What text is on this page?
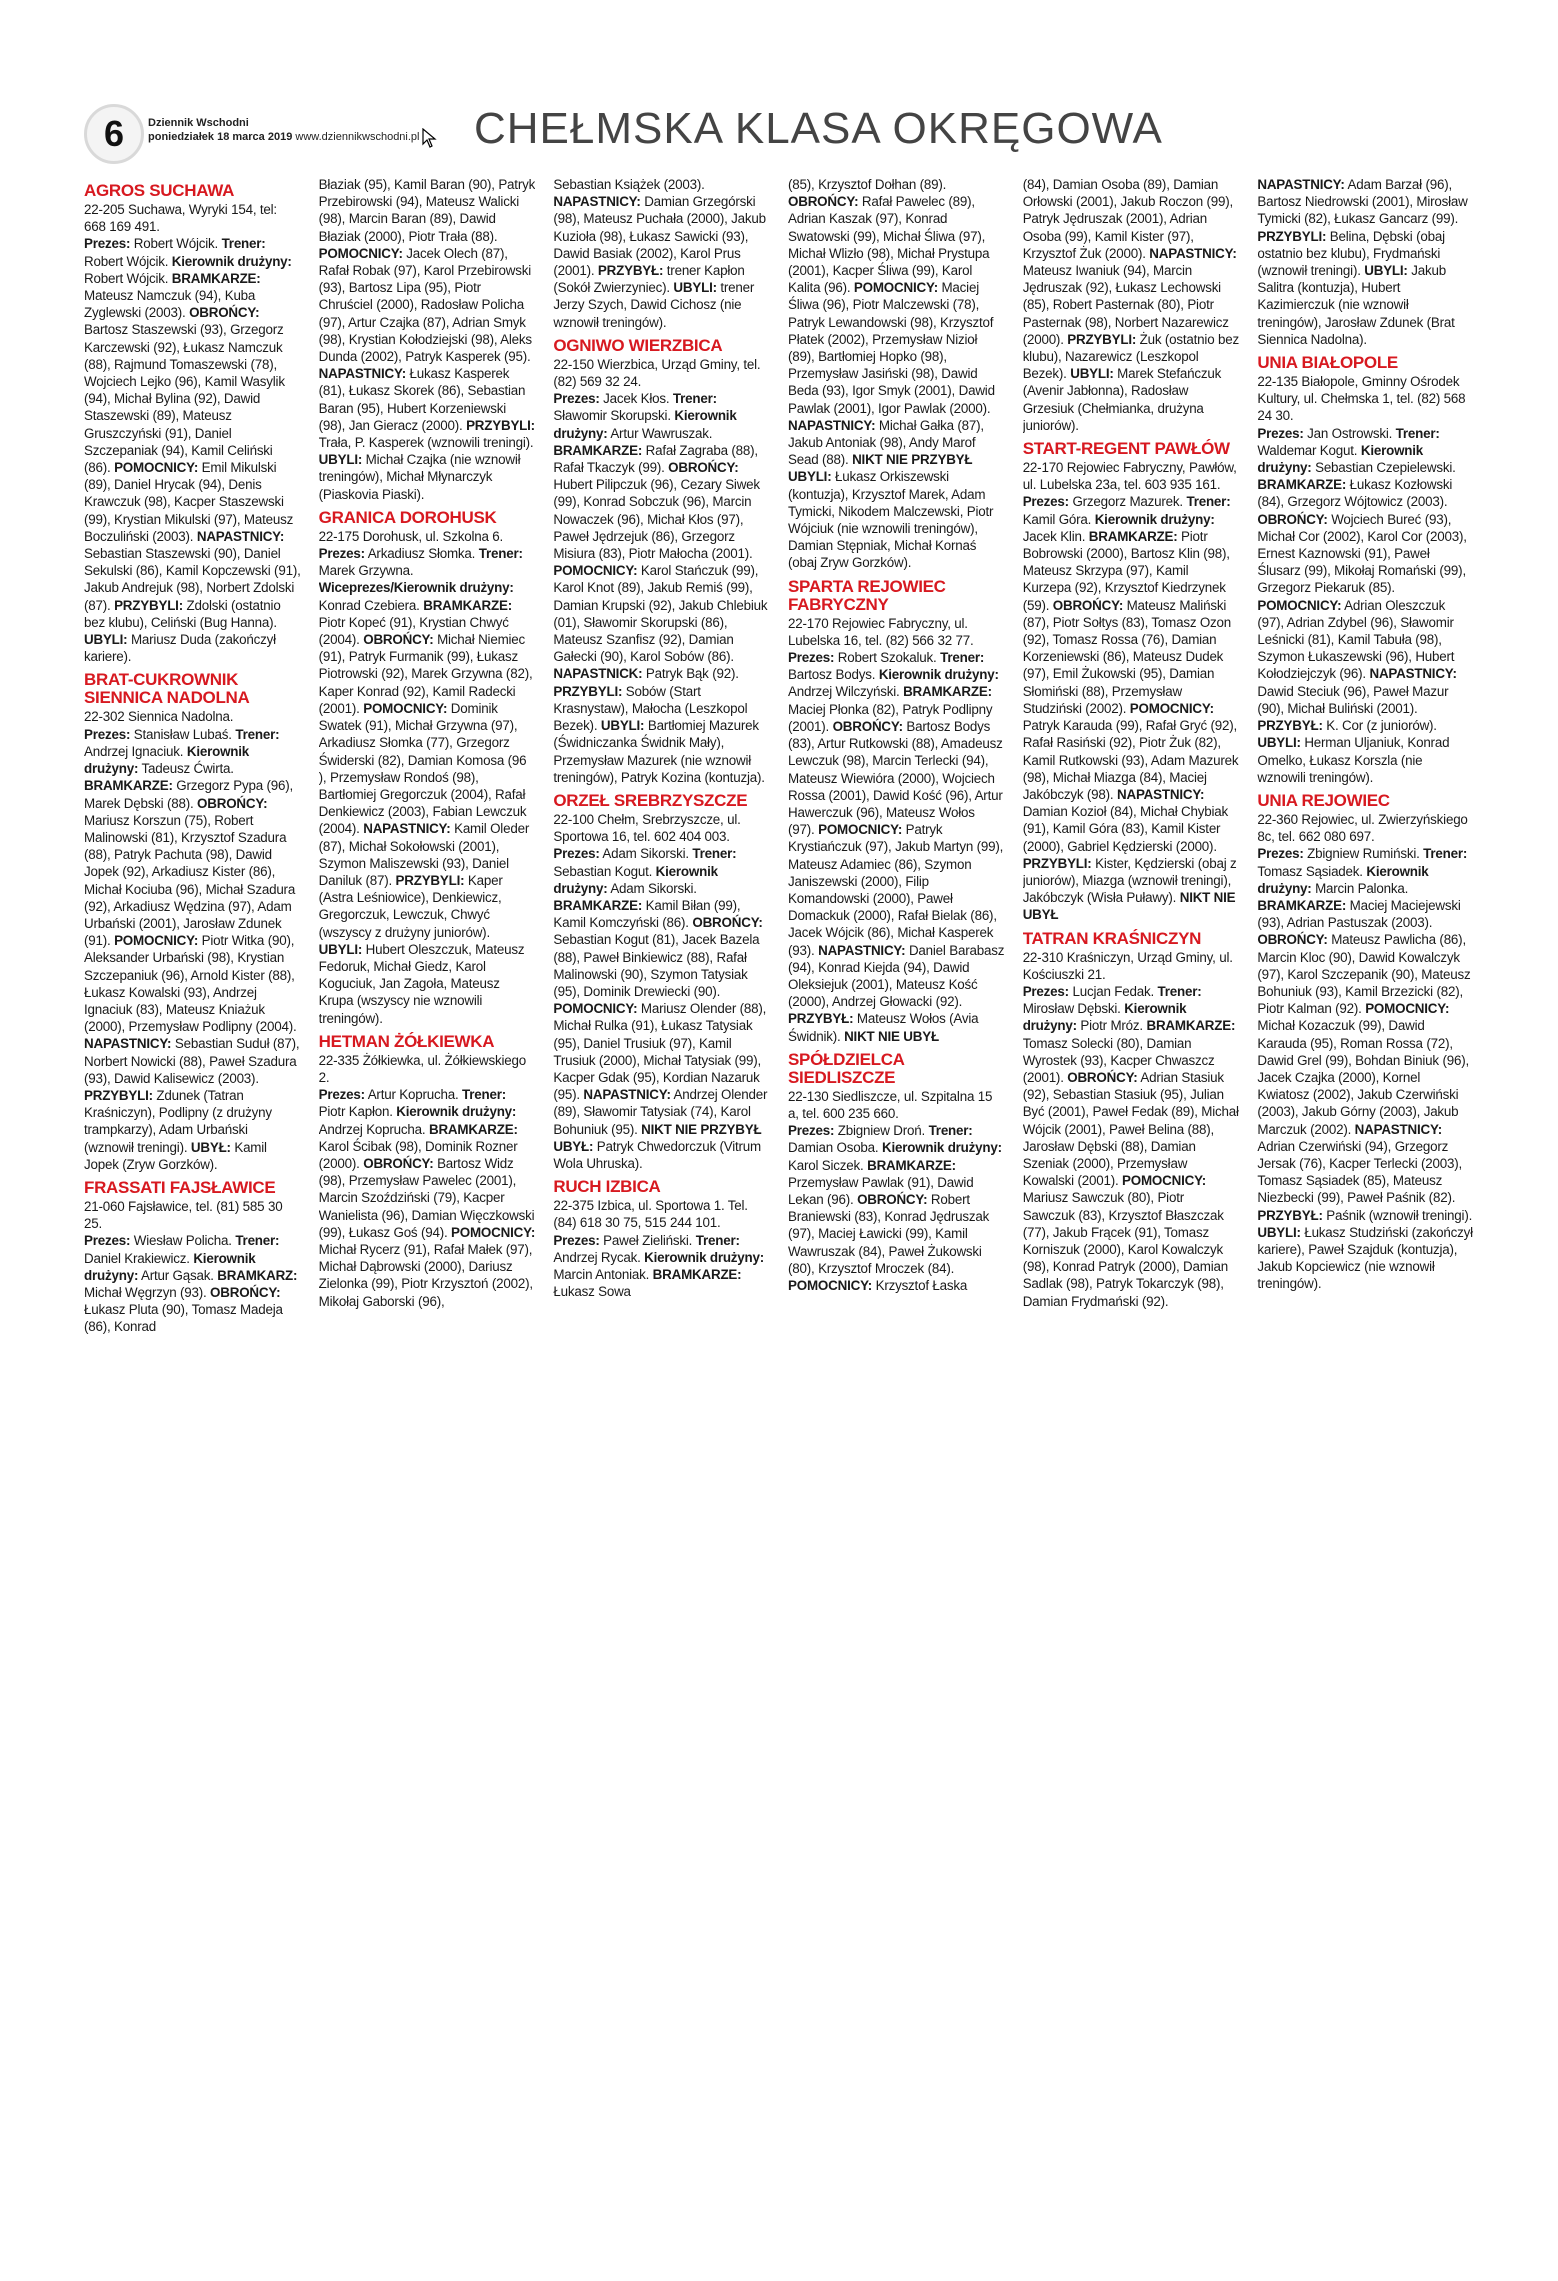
6	Dziennik Wschodni
poniedziałek 18 marca 2019 www.dziennikwschodni.pl CHEŁMSKA KLASA OKRĘGOWA
AGROS SUCHAWA

22-205 Suchawa, Wyryki 154, tel: 668 169 491.

Prezes: Robert Wójcik. Trener: Robert Wójcik. Kierownik drużyny: Robert Wójcik. BRAMKARZE: Mateusz Namczuk (94), Kuba Zyglewski (2003). OBROŃCY: Bartosz Staszewski (93), Grzegorz Karczewski (92), Łukasz Namczuk (88), Rajmund Tomaszewski (78), Wojciech Lejko (96), Kamil Wasylik (94), Michał Bylina (92), Dawid Staszewski (89), Mateusz Gruszczyński (91), Daniel Szczepaniak (94), Kamil Celiński (86). POMOCNICY: Emil Mikulski (89), Daniel Hrycak (94), Denis Krawczuk (98), Kacper Staszewski (99), Krystian Mikulski (97), Mateusz Boczuliński (2003). NAPASTNICY: Sebastian Staszewski (90), Daniel Sekulski (86), Kamil Kopczewski (91), Jakub Andrejuk (98), Norbert Zdolski (87). PRZYBYLI: Zdolski (ostatnio bez klubu), Celiński (Bug Hanna). UBYLI: Mariusz Duda (zakończył kariere).

BRAT-CUKROWNIK SIENNICA NADOLNA

22-302 Siennica Nadolna.

Prezes: Stanisław Lubaś. Trener: Andrzej Ignaciuk. Kierownik drużyny: Tadeusz Ćwirta. BRAMKARZE: Grzegorz Pypa (96), Marek Dębski (88). OBROŃCY: Mariusz Korszun (75), Robert Malinowski (81), Krzysztof Szadura (88), Patryk Pachuta (98), Dawid Jopek (92), Arkadiusz Kister (86), Michał Kociuba (96), Michał Szadura (92), Arkadiusz Wędzina (97), Adam Urbański (2001), Jarosław Zdunek (91). POMOCNICY: Piotr Witka (90), Aleksander Urbański (98), Krystian Szczepaniuk (96), Arnold Kister (88), Łukasz Kowalski (93), Andrzej Ignaciuk (83), Mateusz Kniażuk (2000), Przemysław Podlipny (2004). NAPASTNICY: Sebastian Suduł (87), Norbert Nowicki (88), Paweł Szadura (93), Dawid Kalisewicz (2003). PRZYBYLI: Zdunek (Tatran Kraśniczyn), Podlipny (z drużyny trampkarzy), Adam Urbański (wznowił treningi). UBYŁ: Kamil Jopek (Zryw Gorzków).

FRASSATI FAJSŁAWICE

21-060 Fajsławice, tel. (81) 585 30 25.

Prezes: Wiesław Policha. Trener: Daniel Krakiewicz. Kierownik drużyny: Artur Gąsak. BRAMKARZ: Michał Węgrzyn (93). OBROŃCY: Łukasz Pluta (90), Tomasz Madeja (86), Konrad

Błaziak (95), Kamil Baran (90), Patryk Przebirowski (94), Mateusz Walicki (98), Marcin Baran (89), Dawid Błaziak (2000), Piotr Trała (88). POMOCNICY: Jacek Olech (87), Rafał Robak (97), Karol Przebirowski (93), Bartosz Lipa (95), Piotr Chruściel (2000), Radosław Policha (97), Artur Czajka (87), Adrian Smyk (98), Krystian Kołodziejski (98), Aleks Dunda (2002), Patryk Kasperek (95). NAPASTNICY: Łukasz Kasperek (81), Łukasz Skorek (86), Sebastian Baran (95), Hubert Korzeniewski (98), Jan Gieracz (2000). PRZYBYLI: Trała, P. Kasperek (wznowili treningi). UBYLI: Michał Czajka (nie wznowił treningów), Michał Młynarczyk (Piaskovia Piaski).

GRANICA DOROHUSK

22-175 Dorohusk, ul. Szkolna 6.

Prezes: Arkadiusz Słomka. Trener: Marek Grzywna. Wiceprezes/Kierownik drużyny: Konrad Czebiera. BRAMKARZE: Piotr Kopeć (91), Krystian Chwyć (2004). OBROŃCY: Michał Niemiec (91), Patryk Furmanik (99), Łukasz Piotrowski (92), Marek Grzywna (82), Kaper Konrad (92), Kamil Radecki (2001). POMOCNICY: Dominik Swatek (91), Michał Grzywna (97), Arkadiusz Słomka (77), Grzegorz Świderski (82), Damian Komosa (96 ), Przemysław Rondoś (98), Bartłomiej Gregorczuk (2004), Rafał Denkiewicz (2003), Fabian Lewczuk (2004). NAPASTNICY: Kamil Oleder (87), Michał Sokołowski (2001), Szymon Maliszewski (93), Daniel Daniluk (87). PRZYBYLI: Kaper (Astra Leśniowice), Denkiewicz, Gregorczuk, Lewczuk, Chwyć (wszyscy z drużyny juniorów). UBYLI: Hubert Oleszczuk, Mateusz Fedoruk, Michał Giedz, Karol Koguciuk, Jan Zagoła, Mateusz Krupa (wszyscy nie wznowili treningów).

HETMAN ŻÓŁKIEWKA

22-335 Żółkiewka, ul. Żółkiewskiego 2.

Prezes: Artur Koprucha. Trener: Piotr Kapłon. Kierownik drużyny: Andrzej Koprucha. BRAMKARZE: Karol Ścibak (98), Dominik Rozner (2000). OBROŃCY: Bartosz Widz (98), Przemysław Pawelec (2001), Marcin Szoździński (79), Kacper Wanielista (96), Damian Więczkowski (99), Łukasz Goś (94). POMOCNICY: Michał Rycerz (91), Rafał Małek (97), Michał Dąbrowski (2000), Dariusz Zielonka (99), Piotr Krzysztoń (2002), Mikołaj Gaborski (96),

Sebastian Książek (2003). NAPASTNICY: Damian Grzegórski (98), Mateusz Puchała (2000), Jakub Kuzioła (98), Łukasz Sawicki (93), Dawid Basiak (2002), Karol Prus (2001). PRZYBYŁ: trener Kapłon (Sokół Zwierzyniec). UBYLI: trener Jerzy Szych, Dawid Cichosz (nie wznowił treningów).

OGNIWO WIERZBICA

22-150 Wierzbica, Urząd Gminy, tel. (82) 569 32 24.

Prezes: Jacek Kłos. Trener: Sławomir Skorupski. Kierownik drużyny: Artur Wawruszak. BRAMKARZE: Rafał Zagraba (88), Rafał Tkaczyk (99). OBROŃCY: Hubert Pilipczuk (96), Cezary Siwek (99), Konrad Sobczuk (96), Marcin Nowaczek (96), Michał Kłos (97), Paweł Jędrzejuk (86), Grzegorz Misiura (83), Piotr Małocha (2001). POMOCNICY: Karol Stańczuk (99), Karol Knot (89), Jakub Remiś (99), Damian Krupski (92), Jakub Chlebiuk (01), Sławomir Skorupski (86), Mateusz Szanfisz (92), Damian Gałecki (90), Karol Sobów (86). NAPASTNICK: Patryk Bąk (92). PRZYBYLI: Sobów (Start Krasnystaw), Małocha (Leszkopol Bezek). UBYLI: Bartłomiej Mazurek (Świdniczanka Świdnik Mały), Przemysław Mazurek (nie wznowił treningów), Patryk Kozina (kontuzja).

ORZEŁ SREBRZYSZCZE

22-100 Chełm, Srebrzyszcze, ul. Sportowa 16, tel. 602 404 003.

Prezes: Adam Sikorski. Trener: Sebastian Kogut. Kierownik drużyny: Adam Sikorski. BRAMKARZE: Kamil Biłan (99), Kamil Komczyński (86). OBROŃCY: Sebastian Kogut (81), Jacek Bazela (88), Paweł Binkiewicz (88), Rafał Malinowski (90), Szymon Tatysiak (95), Dominik Drewiecki (90). POMOCNICY: Mariusz Olender (88), Michał Rulka (91), Łukasz Tatysiak (95), Daniel Trusiuk (97), Kamil Trusiuk (2000), Michał Tatysiak (99), Kacper Gdak (95), Kordian Nazaruk (95). NAPASTNICY: Andrzej Olender (89), Sławomir Tatysiak (74), Karol Bohuniuk (95). NIKT NIE PRZYBYŁ UBYŁ: Patryk Chwedorczuk (Vitrum Wola Uhruska).

RUCH IZBICA

22-375 Izbica, ul. Sportowa 1. Tel. (84) 618 30 75, 515 244 101.

Prezes: Paweł Zieliński. Trener: Andrzej Rycak. Kierownik drużyny: Marcin Antoniak. BRAMKARZE: Łukasz Sowa

(85), Krzysztof Dołhan (89). OBROŃCY: Rafał Pawelec (89), Adrian Kaszak (97), Konrad Swatowski (99), Michał Śliwa (97), Michał Wlizło (98), Michał Prystupa (2001), Kacper Śliwa (99), Karol Kalita (96). POMOCNICY: Maciej Śliwa (96), Piotr Malczewski (78), Patryk Lewandowski (98), Krzysztof Płatek (2002), Przemysław Nizioł (89), Bartłomiej Hopko (98), Przemysław Jasiński (98), Dawid Beda (93), Igor Smyk (2001), Dawid Pawlak (2001), Igor Pawlak (2000). NAPASTNICY: Michał Gałka (87), Jakub Antoniak (98), Andy Marof Sead (88). NIKT NIE PRZYBYŁ UBYLI: Łukasz Orkiszewski (kontuzja), Krzysztof Marek, Adam Tymicki, Nikodem Malczewski, Piotr Wójciuk (nie wznowili treningów), Damian Stępniak, Michał Kornaś (obaj Zryw Gorzków).

SPARTA REJOWIEC FABRYCZNY

22-170 Rejowiec Fabryczny, ul. Lubelska 16, tel. (82) 566 32 77.

Prezes: Robert Szokaluk. Trener: Bartosz Bodys. Kierownik drużyny: Andrzej Wilczyński. BRAMKARZE: Maciej Płonka (82), Patryk Podlipny (2001). OBROŃCY: Bartosz Bodys (83), Artur Rutkowski (88), Amadeusz Lewczuk (98), Marcin Terlecki (94), Mateusz Wiewióra (2000), Wojciech Rossa (2001), Dawid Kość (96), Artur Hawerczuk (96), Mateusz Wołos (97). POMOCNICY: Patryk Krystiańczuk (97), Jakub Martyn (99), Mateusz Adamiec (86), Szymon Janiszewski (2000), Filip Komandowski (2000), Paweł Domackuk (2000), Rafał Bielak (86), Jacek Wójcik (86), Michał Kasperek (93). NAPASTNICY: Daniel Barabasz (94), Konrad Kiejda (94), Dawid Oleksiejuk (2001), Mateusz Kość (2000), Andrzej Głowacki (92). PRZYBYŁ: Mateusz Wołos (Avia Świdnik). NIKT NIE UBYŁ

SPÓŁDZIELCA SIEDLISZCZE

22-130 Siedliszcze, ul. Szpitalna 15 a, tel. 600 235 660.

Prezes: Zbigniew Droń. Trener: Damian Osoba. Kierownik drużyny: Karol Siczek. BRAMKARZE: Przemysław Pawlak (91), Dawid Lekan (96). OBROŃCY: Robert Braniewski (83), Konrad Jędruszak (97), Maciej Ławicki (99), Kamil Wawruszak (84), Paweł Żukowski (80), Krzysztof Mroczek (84). POMOCNICY: Krzysztof Łaska

(84), Damian Osoba (89), Damian Orłowski (2001), Jakub Roczon (99), Patryk Jędruszak (2001), Adrian Osoba (99), Kamil Kister (97), Krzysztof Żuk (2000). NAPASTNICY: Mateusz Iwaniuk (94), Marcin Jędruszak (92), Łukasz Lechowski (85), Robert Pasternak (80), Piotr Pasternak (98), Norbert Nazarewicz (2000). PRZYBYLI: Żuk (ostatnio bez klubu), Nazarewicz (Leszkopol Bezek). UBYLI: Marek Stefańczuk (Avenir Jabłonna), Radosław Grzesiuk (Chełmianka, drużyna juniorów).

START-REGENT PAWŁÓW

22-170 Rejowiec Fabryczny, Pawłów, ul. Lubelska 23a, tel. 603 935 161.

Prezes: Grzegorz Mazurek. Trener: Kamil Góra. Kierownik drużyny: Jacek Klin. BRAMKARZE: Piotr Bobrowski (2000), Bartosz Klin (98), Mateusz Skrzypa (97), Kamil Kurzepa (92), Krzysztof Kiedrzynek (59). OBROŃCY: Mateusz Maliński (87), Piotr Sołtys (83), Tomasz Ozon (92), Tomasz Rossa (76), Damian Korzeniewski (86), Mateusz Dudek (97), Emil Żukowski (95), Damian Słomiński (88), Przemysław Studziński (2002). POMOCNICY: Patryk Karauda (99), Rafał Gryć (92), Rafał Rasiński (92), Piotr Żuk (82), Kamil Rutkowski (93), Adam Mazurek (98), Michał Miazga (84), Maciej Jakóbczyk (98). NAPASTNICY: Damian Kozioł (84), Michał Chybiak (91), Kamil Góra (83), Kamil Kister (2000), Gabriel Kędzierski (2000). PRZYBYLI: Kister, Kędzierski (obaj z juniorów), Miazga (wznowił treningi), Jakóbczyk (Wisła Puławy). NIKT NIE UBYŁ

TATRAN KRAŚNICZYN

22-310 Kraśniczyn, Urząd Gminy, ul. Kościuszki 21.

Prezes: Lucjan Fedak. Trener: Mirosław Dębski. Kierownik drużyny: Piotr Mróz. BRAMKARZE: Tomasz Solecki (80), Damian Wyrostek (93), Kacper Chwaszcz (2001). OBROŃCY: Adrian Stasiuk (92), Sebastian Stasiuk (95), Julian Być (2001), Paweł Fedak (89), Michał Wójcik (2001), Paweł Belina (88), Jarosław Dębski (88), Damian Szeniak (2000), Przemysław Kowalski (2001). POMOCNICY: Mariusz Sawczuk (80), Piotr Sawczuk (83), Krzysztof Błaszczak (77), Jakub Frącek (91), Tomasz Korniszuk (2000), Karol Kowalczyk (98), Konrad Patryk (2000), Damian Sadlak (98), Patryk Tokarczyk (98), Damian Frydmański (92).

NAPASTNICY: Adam Barzał (96), Bartosz Niedrowski (2001), Mirosław Tymicki (82), Łukasz Gancarz (99). PRZYBYLI: Belina, Dębski (obaj ostatnio bez klubu), Frydmański (wznowił treningi). UBYLI: Jakub Salitra (kontuzja), Hubert Kazimierczuk (nie wznowił treningów), Jarosław Zdunek (Brat Siennica Nadolna).

UNIA BIAŁOPOLE

22-135 Białopole, Gminny Ośrodek Kultury, ul. Chełmska 1, tel. (82) 568 24 30.

Prezes: Jan Ostrowski. Trener: Waldemar Kogut. Kierownik drużyny: Sebastian Czepielewski. BRAMKARZE: Łukasz Kozłowski (84), Grzegorz Wójtowicz (2003). OBROŃCY: Wojciech Bureć (93), Michał Cor (2002), Karol Cor (2003), Ernest Kaznowski (91), Paweł Ślusarz (99), Mikołaj Romański (99), Grzegorz Piekaruk (85). POMOCNICY: Adrian Oleszczuk (97), Adrian Zdybel (96), Sławomir Leśnicki (81), Kamil Tabuła (98), Szymon Łukaszewski (96), Hubert Kołodziejczyk (96). NAPASTNICY: Dawid Steciuk (96), Paweł Mazur (90), Michał Buliński (2001). PRZYBYŁ: K. Cor (z juniorów). UBYLI: Herman Uljaniuk, Konrad Omelko, Łukasz Korszla (nie wznowili treningów).

UNIA REJOWIEC

22-360 Rejowiec, ul. Zwierzyńskiego 8c, tel. 662 080 697.

Prezes: Zbigniew Rumiński. Trener: Tomasz Sąsiadek. Kierownik drużyny: Marcin Palonka. BRAMKARZE: Maciej Maciejewski (93), Adrian Pastuszak (2003). OBROŃCY: Mateusz Pawlicha (86), Marcin Kloc (90), Dawid Kowalczyk (97), Karol Szczepanik (90), Mateusz Bohuniuk (93), Kamil Brzezicki (82), Piotr Kalman (92). POMOCNICY: Michał Kozaczuk (99), Dawid Karauda (95), Roman Rossa (72), Dawid Grel (99), Bohdan Biniuk (96), Jacek Czajka (2000), Kornel Kwiatosz (2002), Jakub Czerwiński (2003), Jakub Górny (2003), Jakub Marczuk (2002). NAPASTNICY: Adrian Czerwiński (94), Grzegorz Jersak (76), Kacper Terlecki (2003), Tomasz Sąsiadek (85), Mateusz Niezbecki (99), Paweł Paśnik (82). PRZYBYŁ: Paśnik (wznowił treningi). UBYLI: Łukasz Studziński (zakończył kariere), Paweł Szajduk (kontuzja), Jakub Kopciewicz (nie wznowił treningów).
